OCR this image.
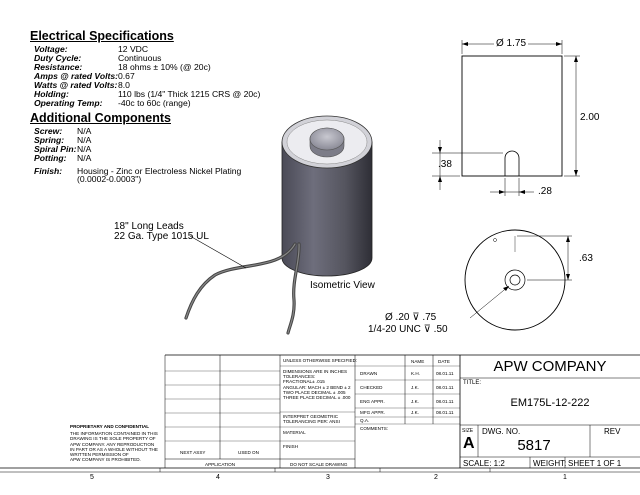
Electrical Specifications
Voltage:	12 VDC
Duty Cycle:	Continuous
Resistance:	18 ohms ± 10% (@ 20c)
Amps @ rated Volts: 0.67
Watts @ rated Volts: 8.0
Holding:	110 lbs (1/4" Thick 1215 CRS @ 20c)
Operating Temp: -40c to 60c (range)
Additional Components
Screw: N/A
Spring: N/A
Spiral Pin: N/A
Potting: N/A
Finish: Housing - Zinc or Electroless Nickel Plating
(0.0002-0.0003")
18" Long Leads
22 Ga. Type 1015 UL
Isometric View
Ø 1.75
2.00
.38
.28
.63
Ø .20 ⊽ .75
1/4-20 UNC ⊽ .50
PROPRIETARY AND CONFIDENTIAL
THE INFORMATION CONTAINED IN THIS
DRAWING IS THE SOLE PROPERTY OF
APW COMPANY. ANY REPRODUCTION
IN PART OR AS A WHOLE WITHOUT THE
WRITTEN PERMISSION OF
APW COMPANY IS PROHIBITED.
NEXT ASSY	USED ON
APPLICATION
UNLESS OTHERWISE SPECIFIED:
DIMENSIONS ARE IN INCHES
TOLERANCES:
FRACTIONAL± .015
ANGULAR: MACH ± 2 BEND ± 2
TWO PLACE DECIMAL ± .005
THREE PLACE DECIMAL ± .000
INTERPRET GEOMETRIC
TOLERANCING PER: ANSI
MATERIAL
FINISH
DO NOT SCALE DRAWING
NAME	DATE
DRAWN	K.H.	08.01.11
CHECKED	J.K.	08.01.11
ENG APPR.	J.K.	08.01.11
MFG APPR.	J.K.	08.01.11
Q.A.
COMMENTS:
APW COMPANY
TITLE:
EM175L-12-222
SIZE
A
DWG. NO.
5817
REV
SCALE: 1:2	WEIGHT: SHEET 1 OF 1
5	4	3	2	1
